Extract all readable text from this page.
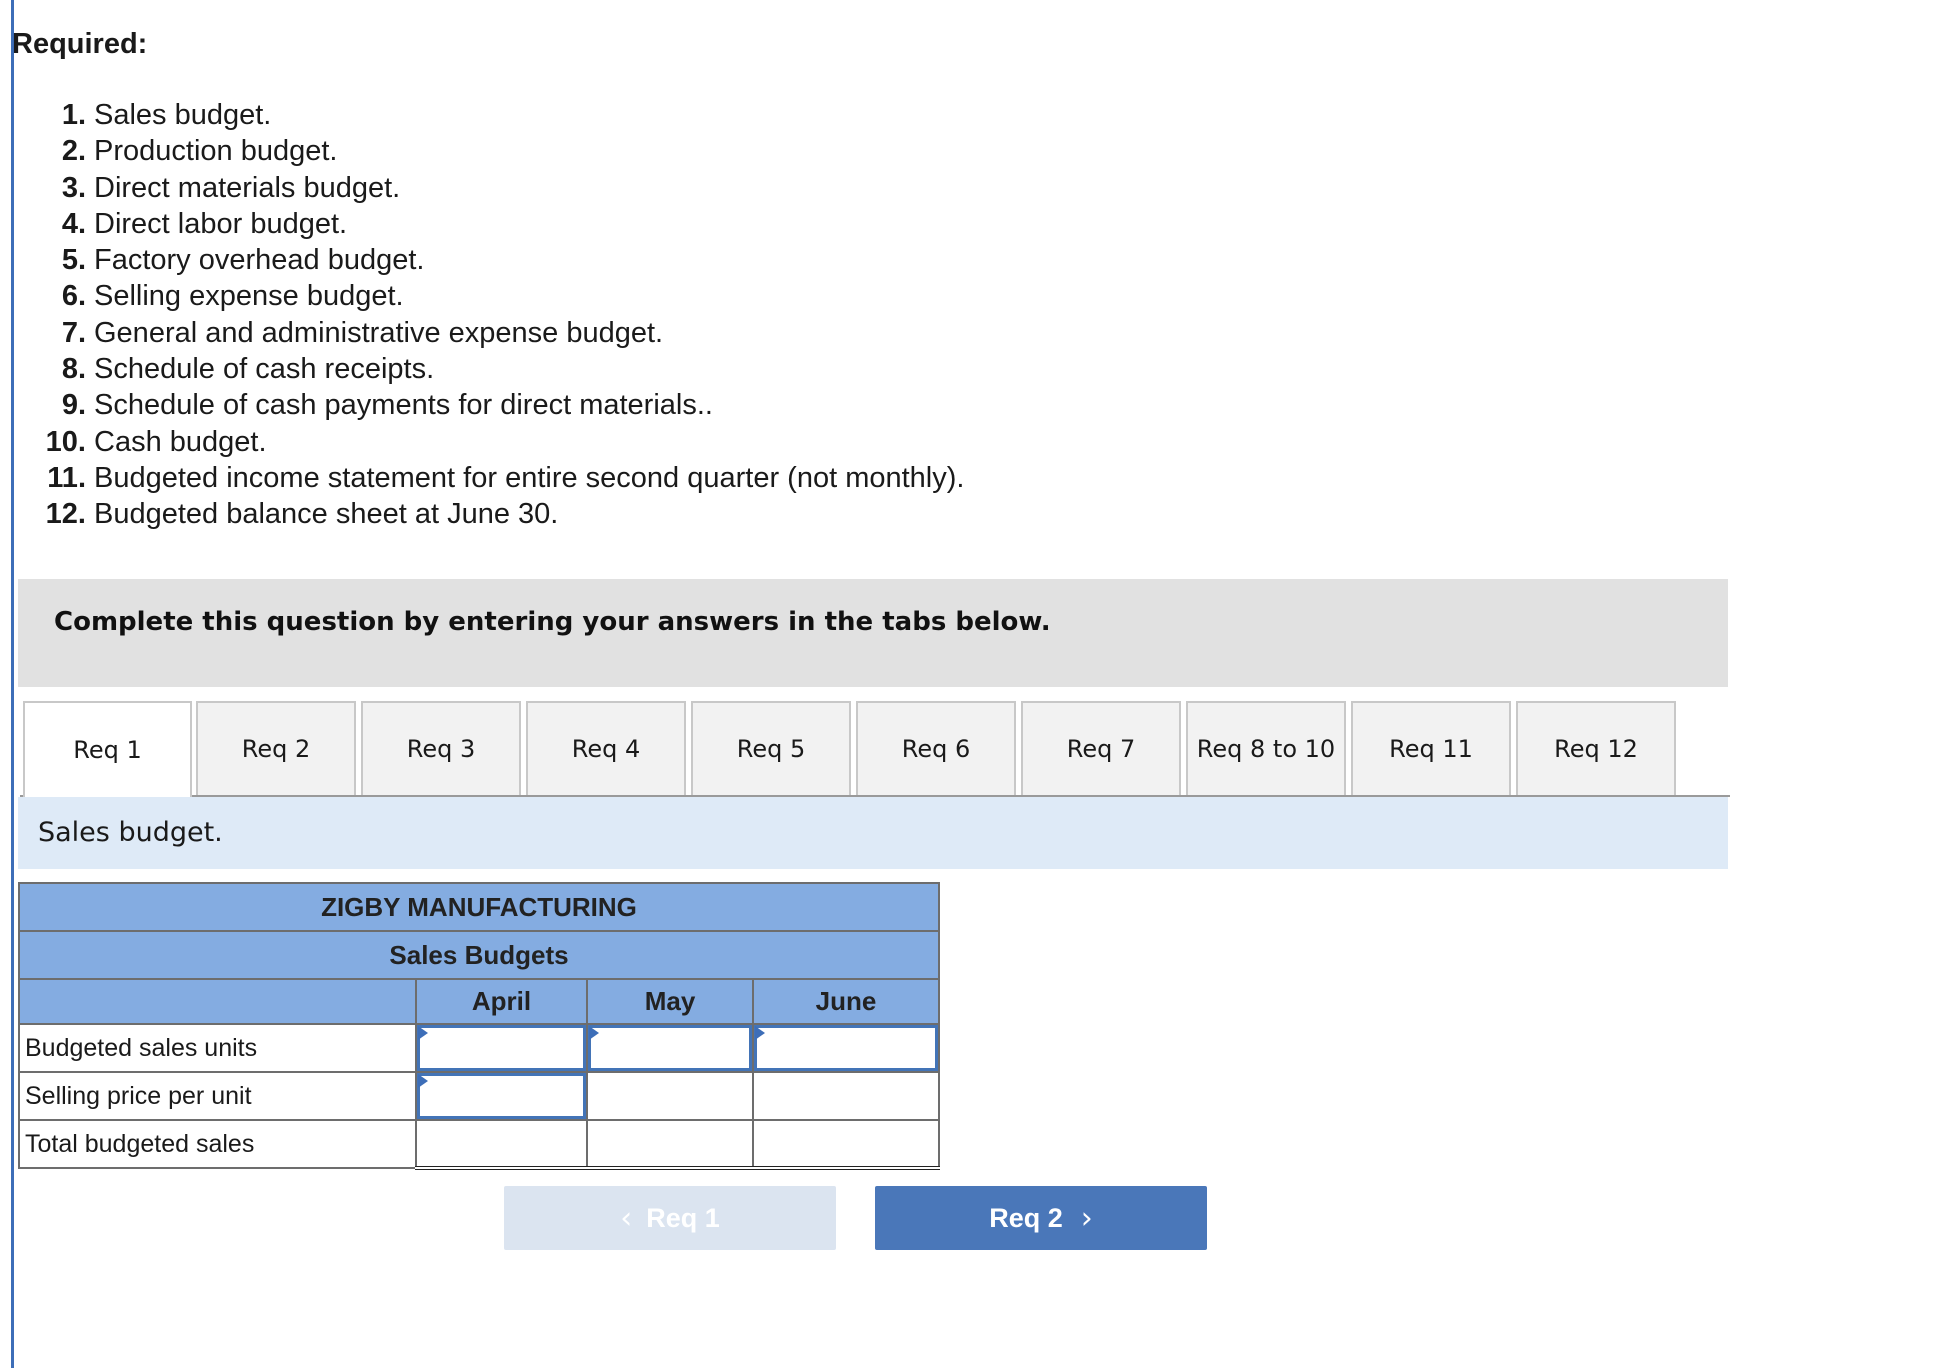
Required:
1. Sales budget.
2. Production budget.
3. Direct materials budget.
4. Direct labor budget.
5. Factory overhead budget.
6. Selling expense budget.
7. General and administrative expense budget.
8. Schedule of cash receipts.
9. Schedule of cash payments for direct materials..
10. Cash budget.
11. Budgeted income statement for entire second quarter (not monthly).
12. Budgeted balance sheet at June 30.
Complete this question by entering your answers in the tabs below.
Req 1	Req 2	Req 3	Req 4	Req 5	Req 6	Req 7	Req 8 to 10	Req 11	Req 12
Sales budget.
ZIGBY MANUFACTURING			
Sales Budgets			
	April	May	June
Budgeted sales units	

Selling price per unit	

Total budgeted sales			
‹ Req 1	Req 2 ›
